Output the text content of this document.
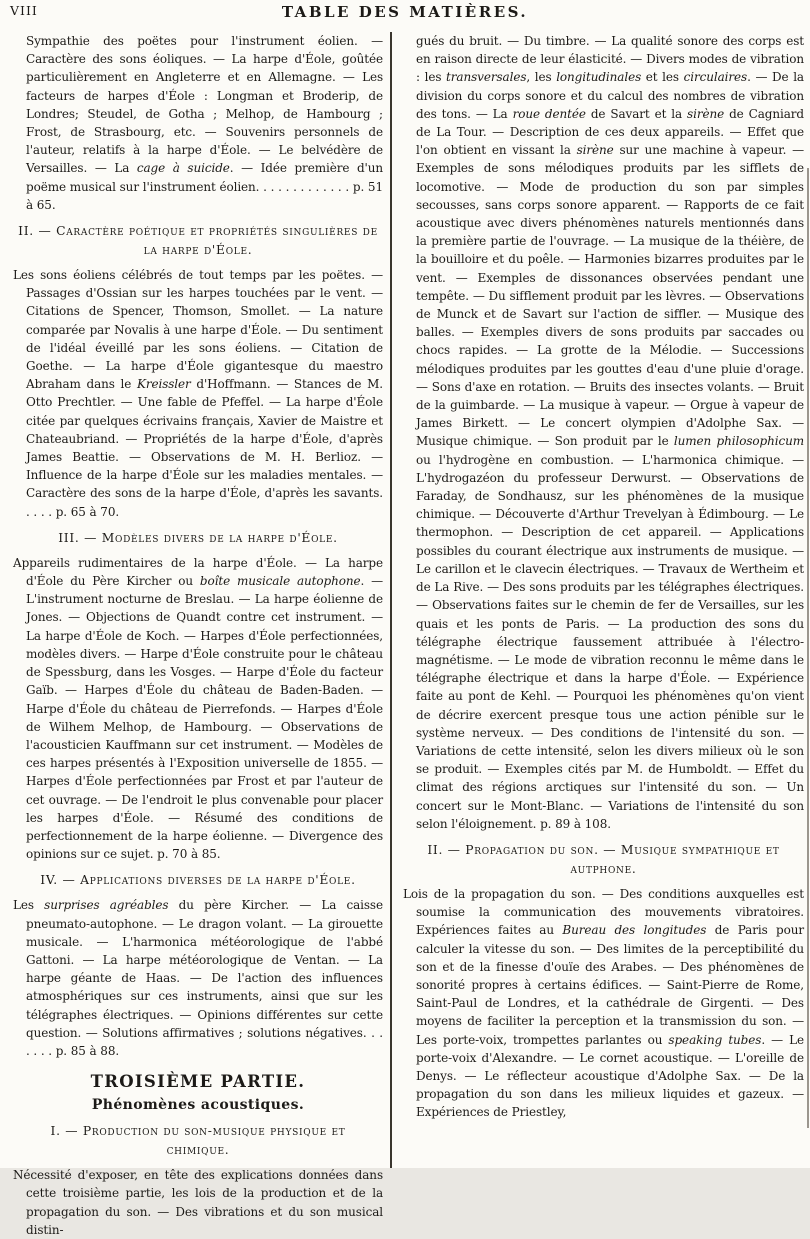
VIII	TABLE DES MATIÈRES.

Sympathie des poëtes pour l'instrument éolien. — Caractère des sons éoliques. — La harpe d'Éole, goûtée particulièrement en Angleterre et en Allemagne. — Les facteurs de harpes d'Éole : Longman et Broderip, de Londres; Steudel, de Gotha ; Melhop, de Hambourg ; Frost, de Strasbourg, etc. — Souvenirs personnels de l'auteur, relatifs à la harpe d'Éole. — Le belvédère de Versailles. — La cage à suicide. — Idée première d'un poëme musical sur l'instrument éolien. . . . . . . . . . . . . p. 51 à 65.

II. — Caractère poétique et propriétés singulières de la harpe d'Éole.

Les sons éoliens célébrés de tout temps par les poëtes. — Passages d'Ossian sur les harpes touchées par le vent. — Citations de Spencer, Thomson, Smollet. — La nature comparée par Novalis à une harpe d'Éole. — Du sentiment de l'idéal éveillé par les sons éoliens. — Citation de Goethe. — La harpe d'Éole gigantesque du maestro Abraham dans le Kreissler d'Hoffmann. — Stances de M. Otto Prechtler. — Une fable de Pfeffel. — La harpe d'Éole citée par quelques écrivains français, Xavier de Maistre et Chateaubriand. — Propriétés de la harpe d'Éole, d'après James Beattie. — Observations de M. H. Berlioz. — Influence de la harpe d'Éole sur les maladies mentales. — Caractère des sons de la harpe d'Éole, d'après les savants. . . . . p. 65 à 70.

III. — Modèles divers de la harpe d'Éole.

Appareils rudimentaires de la harpe d'Éole. — La harpe d'Éole du Père Kircher ou boîte musicale autophone. — L'instrument nocturne de Breslau. — La harpe éolienne de Jones. — Objections de Quandt contre cet instrument. — La harpe d'Éole de Koch. — Harpes d'Éole perfectionnées, modèles divers. — Harpe d'Éole construite pour le château de Spessburg, dans les Vosges. — Harpe d'Éole du facteur Gaïb. — Harpes d'Éole du château de Baden-Baden. — Harpe d'Éole du château de Pierrefonds. — Harpes d'Éole de Wilhem Melhop, de Hambourg. — Observations de l'acousticien Kauffmann sur cet instrument. — Modèles de ces harpes présentés à l'Exposition universelle de 1855. — Harpes d'Éole perfectionnées par Frost et par l'auteur de cet ouvrage. — De l'endroit le plus convenable pour placer les harpes d'Éole. — Résumé des conditions de perfectionnement de la harpe éolienne. — Divergence des opinions sur ce sujet. p. 70 à 85.

IV. — Applications diverses de la harpe d'Éole.

Les surprises agréables du père Kircher. — La caisse pneumato-autophone. — Le dragon volant. — La girouette musicale. — L'harmonica météorologique de l'abbé Gattoni. — La harpe météorologique de Ventan. — La harpe géante de Haas. — De l'action des influences atmosphériques sur ces instruments, ainsi que sur les télégraphes électriques. — Opinions différentes sur cette question. — Solutions affirmatives ; solutions négatives. . . . . . . p. 85 à 88.

TROISIÈME PARTIE.
Phénomènes acoustiques.
I. — Production du son-musique physique et chimique.

Nécessité d'exposer, en tête des explications données dans cette troisième partie, les lois de la production et de la propagation du son. — Des vibrations et du son musical distin-

gués du bruit. — Du timbre. — La qualité sonore des corps est en raison directe de leur élasticité. — Divers modes de vibration : les transversales, les longitudinales et les circulaires. — De la division du corps sonore et du calcul des nombres de vibration des tons. — La roue dentée de Savart et la sirène de Cagniard de La Tour. — Description de ces deux appareils. — Effet que l'on obtient en vissant la sirène sur une machine à vapeur. — Exemples de sons mélodiques produits par les sifflets de locomotive. — Mode de production du son par simples secousses, sans corps sonore apparent. — Rapports de ce fait acoustique avec divers phénomènes naturels mentionnés dans la première partie de l'ouvrage. — La musique de la théière, de la bouilloire et du poêle. — Harmonies bizarres produites par le vent. — Exemples de dissonances observées pendant une tempête. — Du sifflement produit par les lèvres. — Observations de Munck et de Savart sur l'action de siffler. — Musique des balles. — Exemples divers de sons produits par saccades ou chocs rapides. — La grotte de la Mélodie. — Successions mélodiques produites par les gouttes d'eau d'une pluie d'orage. — Sons d'axe en rotation. — Bruits des insectes volants. — Bruit de la guimbarde. — La musique à vapeur. — Orgue à vapeur de James Birkett. — Le concert olympien d'Adolphe Sax. — Musique chimique. — Son produit par le lumen philosophicum ou l'hydrogène en combustion. — L'harmonica chimique. — L'hydrogazéon du professeur Derwurst. — Observations de Faraday, de Sondhausz, sur les phénomènes de la musique chimique. — Découverte d'Arthur Trevelyan à Édimbourg. — Le thermophon. — Description de cet appareil. — Applications possibles du courant électrique aux instruments de musique. — Le carillon et le clavecin électriques. — Travaux de Wertheim et de La Rive. — Des sons produits par les télégraphes électriques. — Observations faites sur le chemin de fer de Versailles, sur les quais et les ponts de Paris. — La production des sons du télégraphe électrique faussement attribuée à l'électro-magnétisme. — Le mode de vibration reconnu le même dans le télégraphe électrique et dans la harpe d'Éole. — Expérience faite au pont de Kehl. — Pourquoi les phénomènes qu'on vient de décrire exercent presque tous une action pénible sur le système nerveux. — Des conditions de l'intensité du son. — Variations de cette intensité, selon les divers milieux où le son se produit. — Exemples cités par M. de Humboldt. — Effet du climat des régions arctiques sur l'intensité du son. — Un concert sur le Mont-Blanc. — Variations de l'intensité du son selon l'éloignement. p. 89 à 108.

II. — Propagation du son. — Musique sympathique et autphone.

Lois de la propagation du son. — Des conditions auxquelles est soumise la communication des mouvements vibratoires. Expériences faites au Bureau des longitudes de Paris pour calculer la vitesse du son. — Des limites de la perceptibilité du son et de la finesse d'ouïe des Arabes. — Des phénomènes de sonorité propres à certains édifices. — Saint-Pierre de Rome, Saint-Paul de Londres, et la cathédrale de Girgenti. — Des moyens de faciliter la perception et la transmission du son. — Les porte-voix, trompettes parlantes ou speaking tubes. — Le porte-voix d'Alexandre. — Le cornet acoustique. — L'oreille de Denys. — Le réflecteur acoustique d'Adolphe Sax. — De la propagation du son dans les milieux liquides et gazeux. — Expériences de Priestley,
